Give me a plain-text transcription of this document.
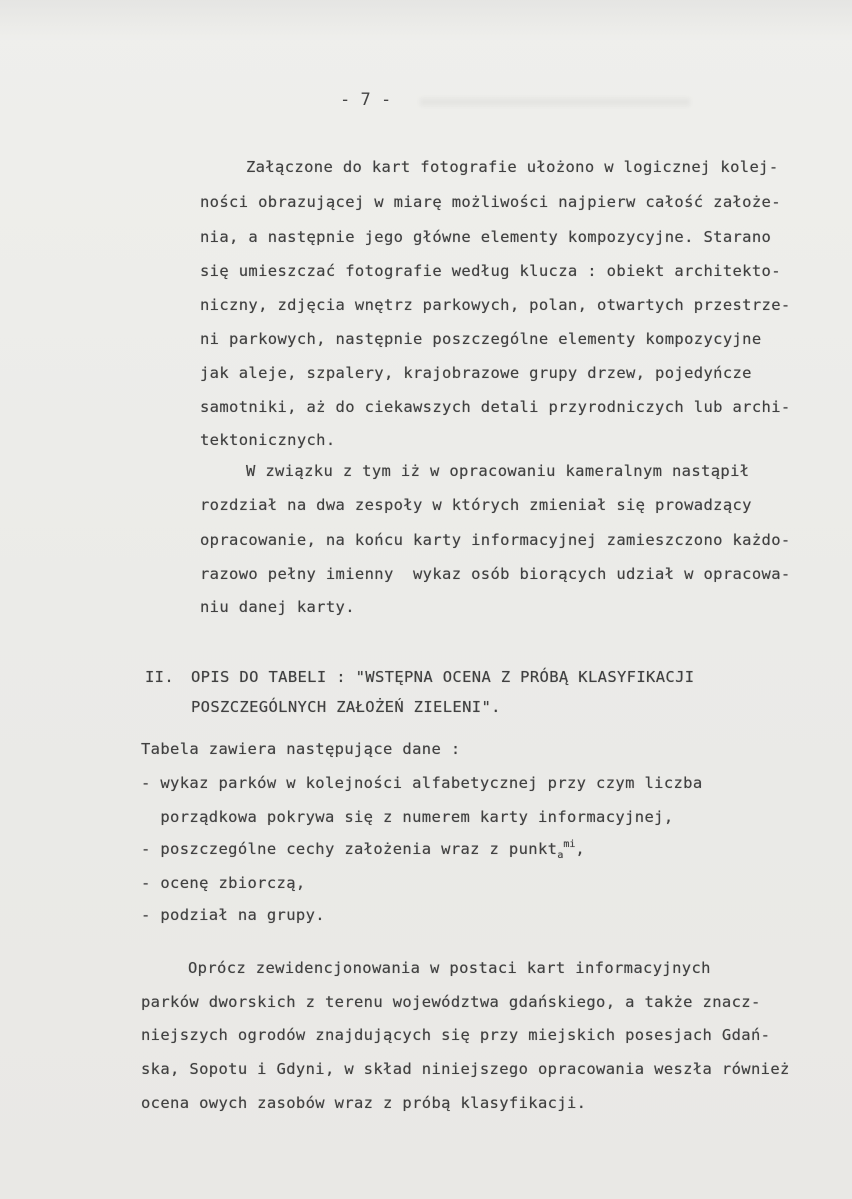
- 7 -
Załączone do kart fotografie ułożono w logicznej kolej-
ności obrazującej w miarę możliwości najpierw całość założe-
nia, a następnie jego główne elementy kompozycyjne. Starano
się umieszczać fotografie według klucza : obiekt architekto-
niczny, zdjęcia wnętrz parkowych, polan, otwartych przestrze-
ni parkowych, następnie poszczególne elementy kompozycyjne
jak aleje, szpalery, krajobrazowe grupy drzew, pojedyńcze
samotniki, aż do ciekawszych detali przyrodniczych lub archi-
tektonicznych.
W związku z tym iż w opracowaniu kameralnym nastąpił
rozdział na dwa zespoły w których zmieniał się prowadzący
opracowanie, na końcu karty informacyjnej zamieszczono każdo-
razowo pełny imienny  wykaz osób biorących udział w opracowa-
niu danej karty.
II. OPIS DO TABELI : "WSTĘPNA OCENA Z PRÓBĄ KLASYFIKACJI
POSZCZEGÓLNYCH ZAŁOŻEŃ ZIELENI".
Tabela zawiera następujące dane :
- wykaz parków w kolejności alfabetycznej przy czym liczba
porządkowa pokrywa się z numerem karty informacyjnej,
- poszczególne cechy założenia wraz z punkt$_a^{mi}$,
- ocenę zbiorczą,
- podział na grupy.
Oprócz zewidencjonowania w postaci kart informacyjnych
parków dworskich z terenu województwa gdańskiego, a także znacz-
niejszych ogrodów znajdujących się przy miejskich posesjach Gdań-
ska, Sopotu i Gdyni, w skład niniejszego opracowania weszła również
ocena owych zasobów wraz z próbą klasyfikacji.
